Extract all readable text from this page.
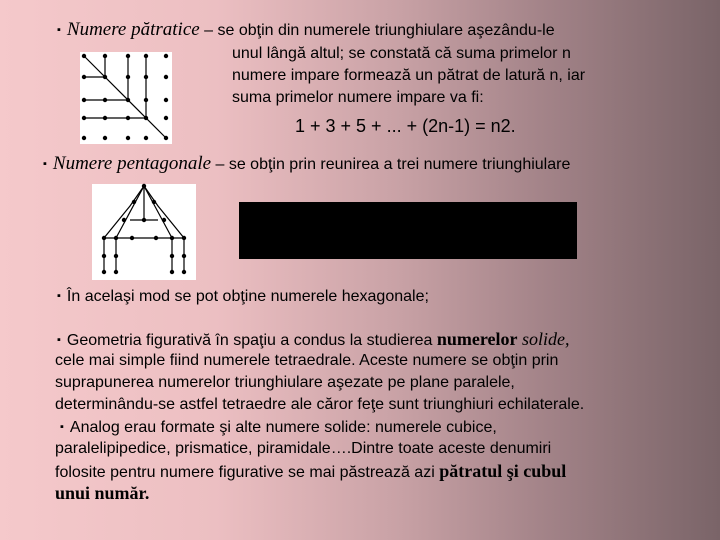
▪ Numere pătratice – se obţin din numerele triunghiulare aşezându-le
unul lângă altul; se constată că suma primelor n
numere impare formează un pătrat de latură n, iar
suma primelor numere impare va fi:
1 + 3 + 5 + ... + (2n-1) = n2.
▪ Numere pentagonale – se obţin prin reunirea a trei numere triunghiulare
▪ În acelaşi mod se pot obţine numerele hexagonale;
▪ Geometria figurativă în spaţiu a condus la studierea numerelor solide,
cele mai simple fiind numerele tetraedrale. Aceste numere se obţin prin
suprapunerea numerelor triunghiulare aşezate pe plane paralele,
determinându-se astfel tetraedre ale căror feţe sunt triunghiuri echilaterale.
▪ Analog erau formate şi alte numere solide: numerele cubice,
paralelipipedice, prismatice, piramidale….Dintre toate aceste denumiri
folosite pentru numere figurative se mai păstrează azi pătratul şi cubul
unui număr.
